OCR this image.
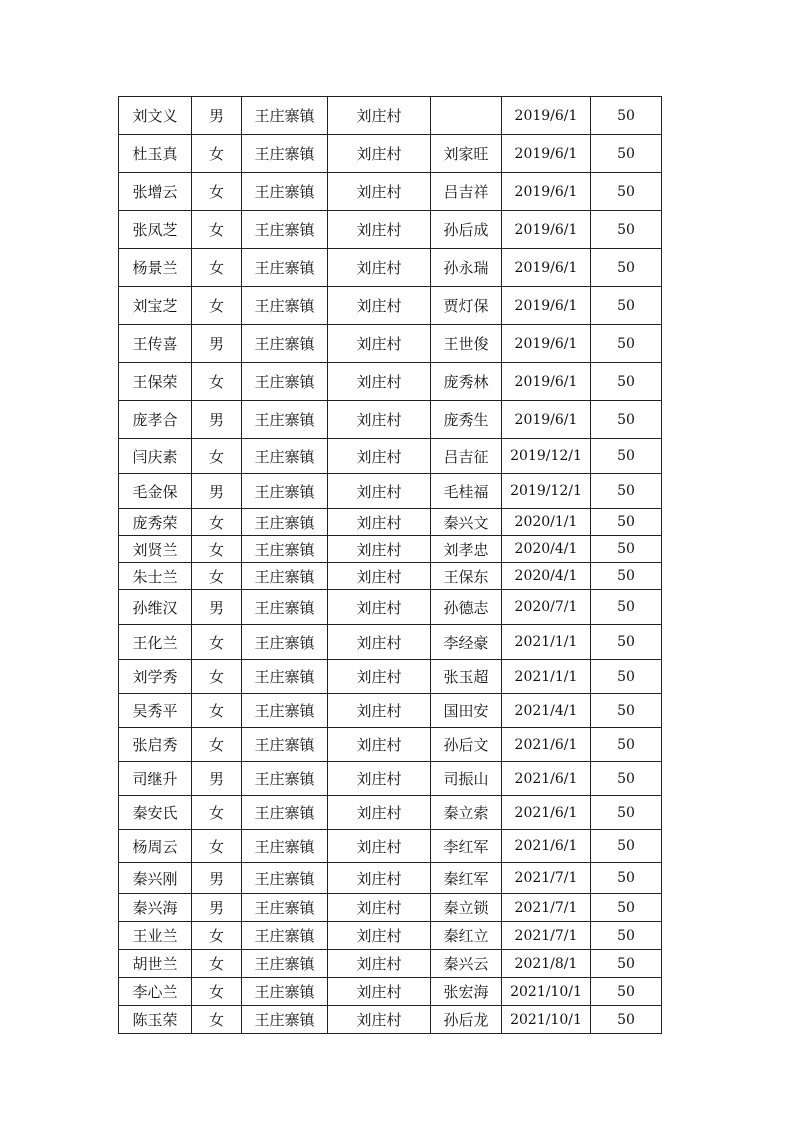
刘文义	男	王庄寨镇	刘庄村		2019/6/1	50
杜玉真	女	王庄寨镇	刘庄村	刘家旺	2019/6/1	50
张增云	女	王庄寨镇	刘庄村	吕吉祥	2019/6/1	50
张凤芝	女	王庄寨镇	刘庄村	孙后成	2019/6/1	50
杨景兰	女	王庄寨镇	刘庄村	孙永瑞	2019/6/1	50
刘宝芝	女	王庄寨镇	刘庄村	贾灯保	2019/6/1	50
王传喜	男	王庄寨镇	刘庄村	王世俊	2019/6/1	50
王保荣	女	王庄寨镇	刘庄村	庞秀林	2019/6/1	50
庞孝合	男	王庄寨镇	刘庄村	庞秀生	2019/6/1	50
闫庆素	女	王庄寨镇	刘庄村	吕吉征	2019/12/1	50
毛金保	男	王庄寨镇	刘庄村	毛桂福	2019/12/1	50
庞秀荣	女	王庄寨镇	刘庄村	秦兴文	2020/1/1	50
刘贤兰	女	王庄寨镇	刘庄村	刘孝忠	2020/4/1	50
朱士兰	女	王庄寨镇	刘庄村	王保东	2020/4/1	50
孙维汉	男	王庄寨镇	刘庄村	孙德志	2020/7/1	50
王化兰	女	王庄寨镇	刘庄村	李经豪	2021/1/1	50
刘学秀	女	王庄寨镇	刘庄村	张玉超	2021/1/1	50
吴秀平	女	王庄寨镇	刘庄村	国田安	2021/4/1	50
张启秀	女	王庄寨镇	刘庄村	孙后文	2021/6/1	50
司继升	男	王庄寨镇	刘庄村	司振山	2021/6/1	50
秦安氏	女	王庄寨镇	刘庄村	秦立索	2021/6/1	50
杨周云	女	王庄寨镇	刘庄村	李红军	2021/6/1	50
秦兴刚	男	王庄寨镇	刘庄村	秦红军	2021/7/1	50
秦兴海	男	王庄寨镇	刘庄村	秦立锁	2021/7/1	50
王业兰	女	王庄寨镇	刘庄村	秦红立	2021/7/1	50
胡世兰	女	王庄寨镇	刘庄村	秦兴云	2021/8/1	50
李心兰	女	王庄寨镇	刘庄村	张宏海	2021/10/1	50
陈玉荣	女	王庄寨镇	刘庄村	孙后龙	2021/10/1	50
